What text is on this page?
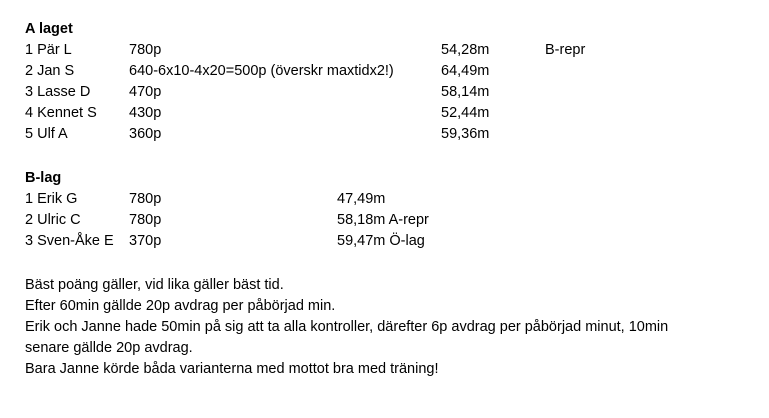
A laget
1 Pär L	780p	54,28m	B-repr
2 Jan S	640-6x10-4x20=500p (överskr maxtidx2!)	64,49m
3 Lasse D	470p	58,14m
4 Kennet S 430p	52,44m
5 Ulf A	360p	59,36m
B-lag
1 Erik G	780p	47,49m
2 Ulric C	780p	58,18m A-repr
3 Sven-Åke E 370p	59,47m Ö-lag
Bäst poäng gäller, vid lika gäller bäst tid.
Efter 60min gällde 20p avdrag per påbörjad min.
Erik och Janne hade 50min på sig att ta alla kontroller, därefter 6p avdrag per påbörjad minut, 10min
senare gällde 20p avdrag.
Bara Janne körde båda varianterna med mottot bra med träning!
